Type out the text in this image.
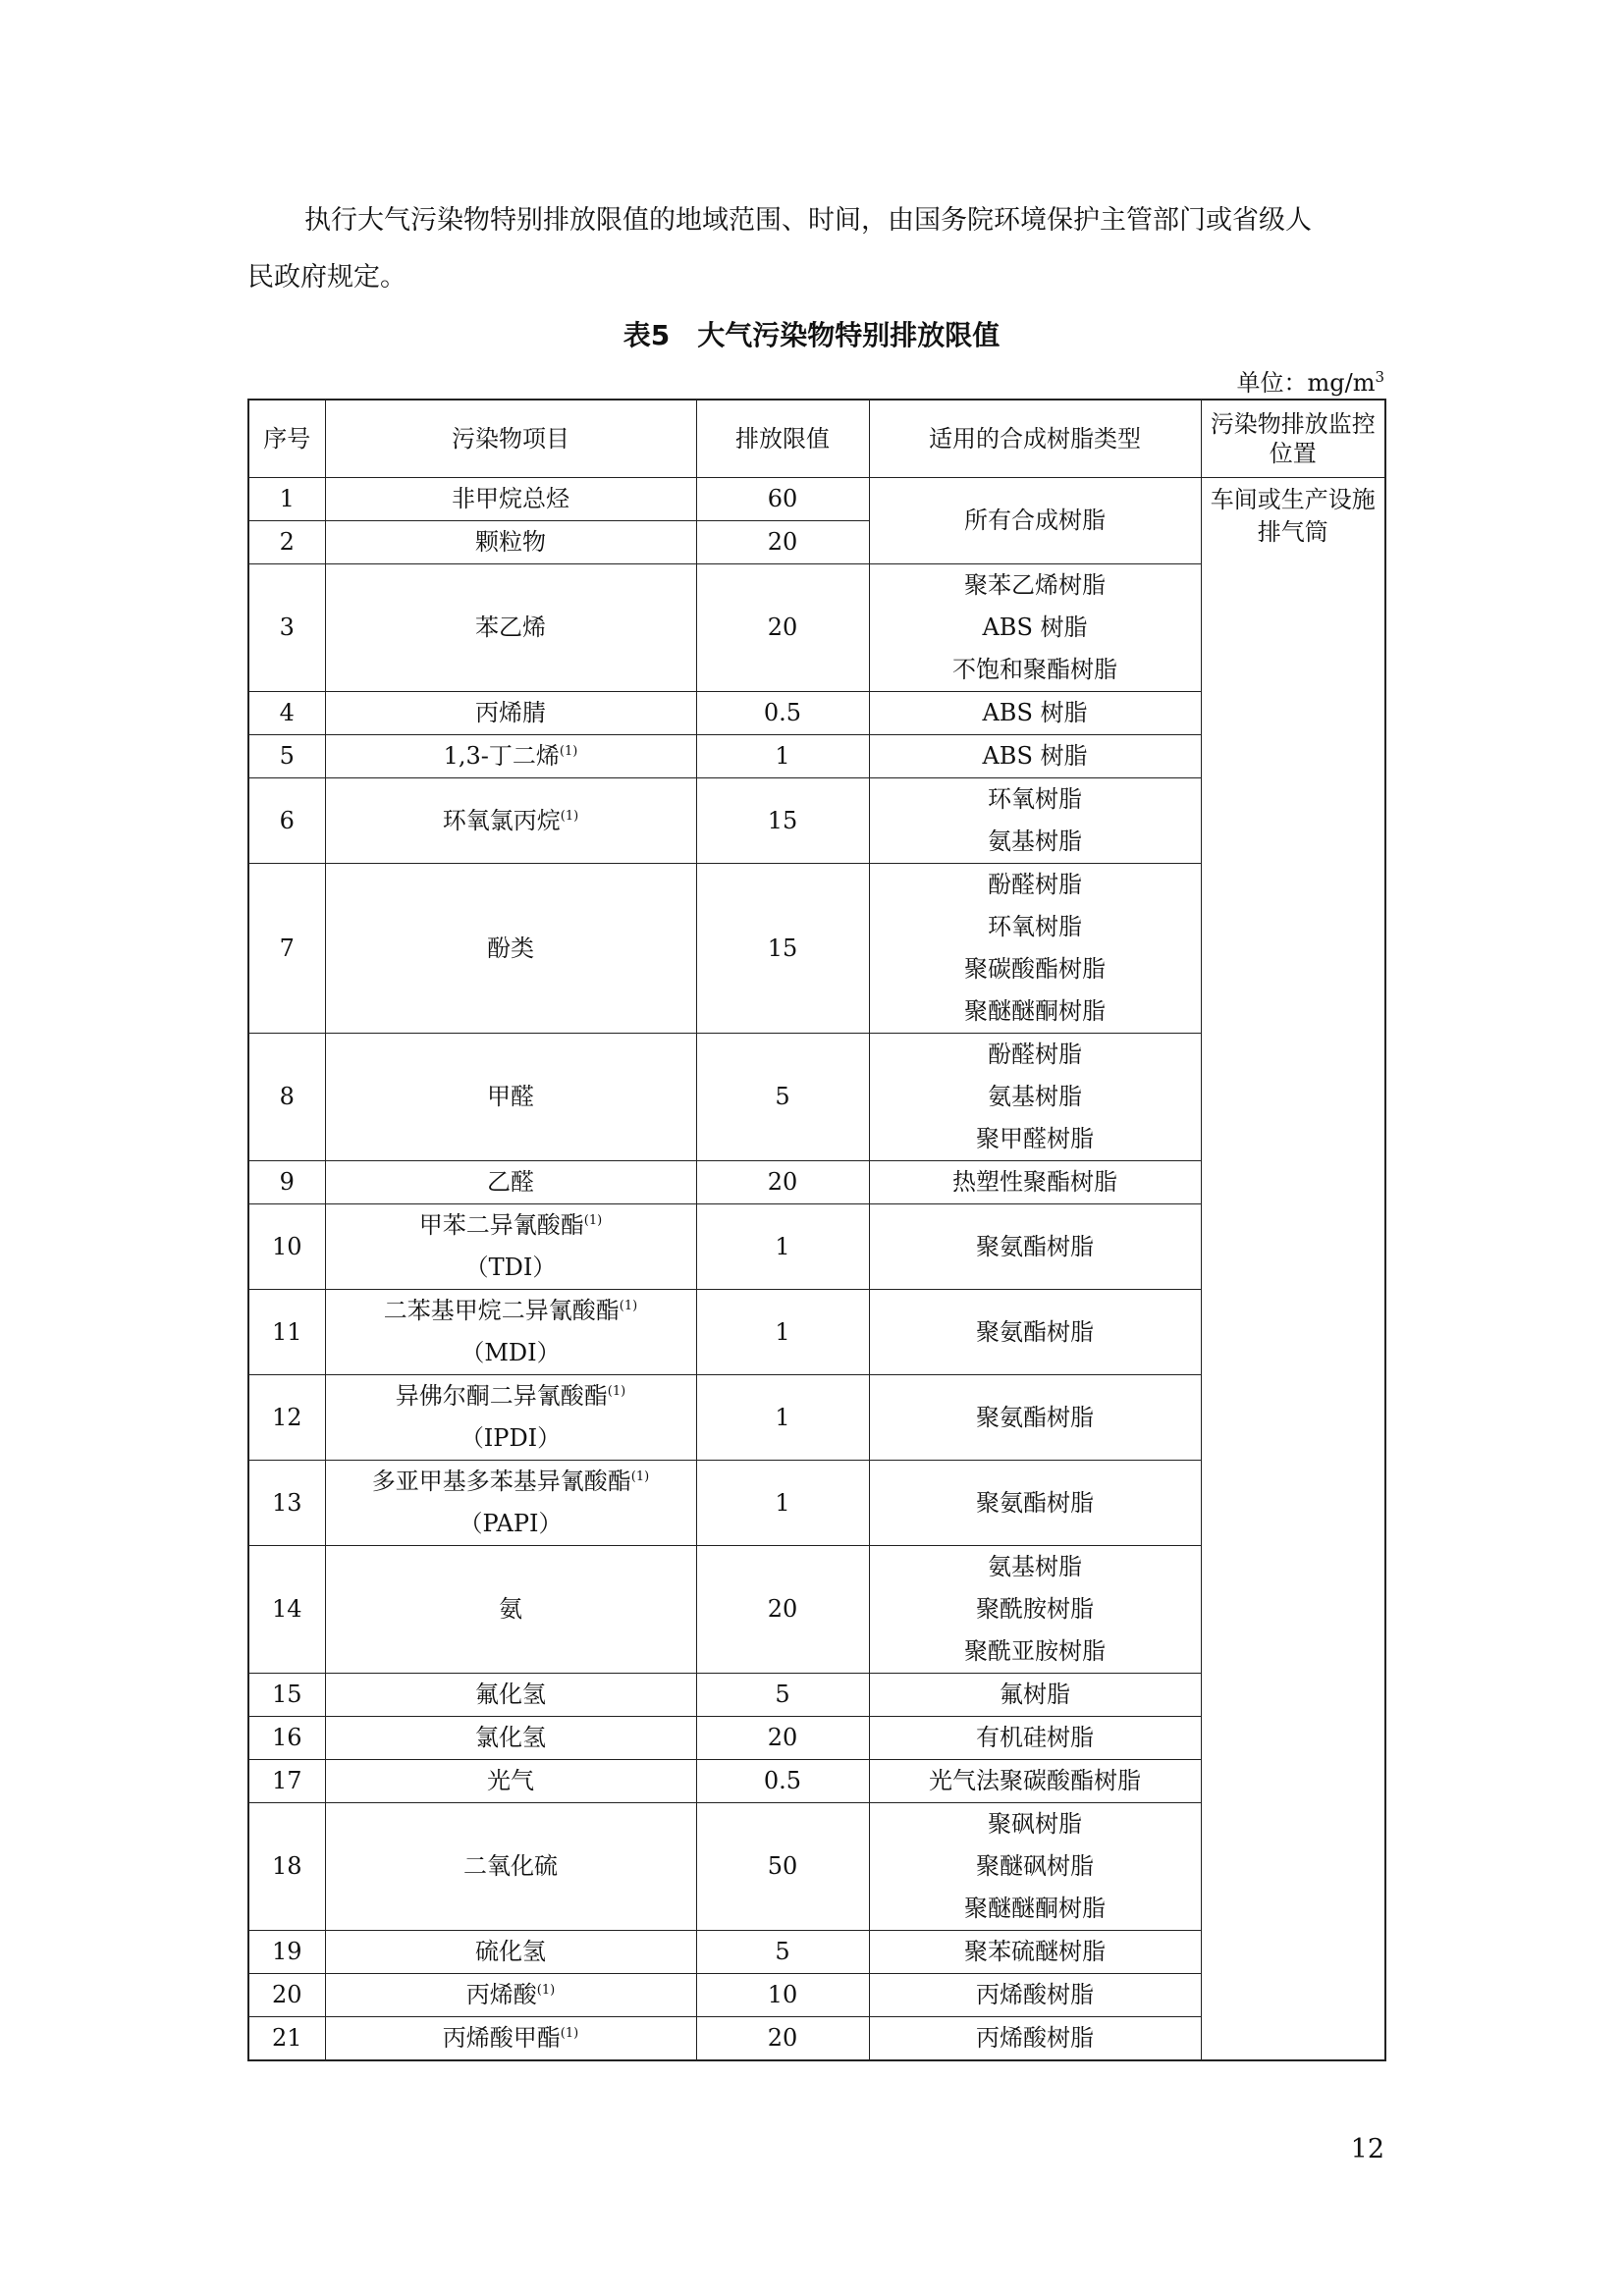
执行大气污染物特别排放限值的地域范围、时间，由国务院环境保护主管部门或省级人
民政府规定。

表5　大气污染物特别排放限值
单位：$mg/m^3$
序号	污染物项目	排放限值	适用的合成树脂类型	污染物排放监控位置
1	非甲烷总烃	60	所有合成树脂	车间或生产设施排气筒
2	颗粒物	20		
3	苯乙烯	20	聚苯乙烯树脂
ABS 树脂
不饱和聚酯树脂	

4	丙烯腈	0.5	ABS 树脂	

5	1,3-丁二烯$^{(1)}$	1	ABS 树脂	

6	环氧氯丙烷$^{(1)}$	15	环氧树脂
氨基树脂	

7	酚类	15	酚醛树脂
环氧树脂
聚碳酸酯树脂
聚醚醚酮树脂	

8	甲醛	5	酚醛树脂
氨基树脂
聚甲醛树脂	

9	乙醛	20	热塑性聚酯树脂	

10	甲苯二异氰酸酯$^{(1)}$
（TDI）	1	聚氨酯树脂	

11	二苯基甲烷二异氰酸酯$^{(1)}$
（MDI）	1	聚氨酯树脂	

12	异佛尔酮二异氰酸酯$^{(1)}$
（IPDI）	1	聚氨酯树脂	

13	多亚甲基多苯基异氰酸酯$^{(1)}$
（PAPI）	1	聚氨酯树脂	

14	氨	20	氨基树脂
聚酰胺树脂
聚酰亚胺树脂	

15	氟化氢	5	氟树脂	

16	氯化氢	20	有机硅树脂	

17	光气	0.5	光气法聚碳酸酯树脂	

18	二氧化硫	50	聚砜树脂
聚醚砜树脂
聚醚醚酮树脂	

19	硫化氢	5	聚苯硫醚树脂	

20	丙烯酸$^{(1)}$	10	丙烯酸树脂	

21	丙烯酸甲酯$^{(1)}$	20	丙烯酸树脂	
12
